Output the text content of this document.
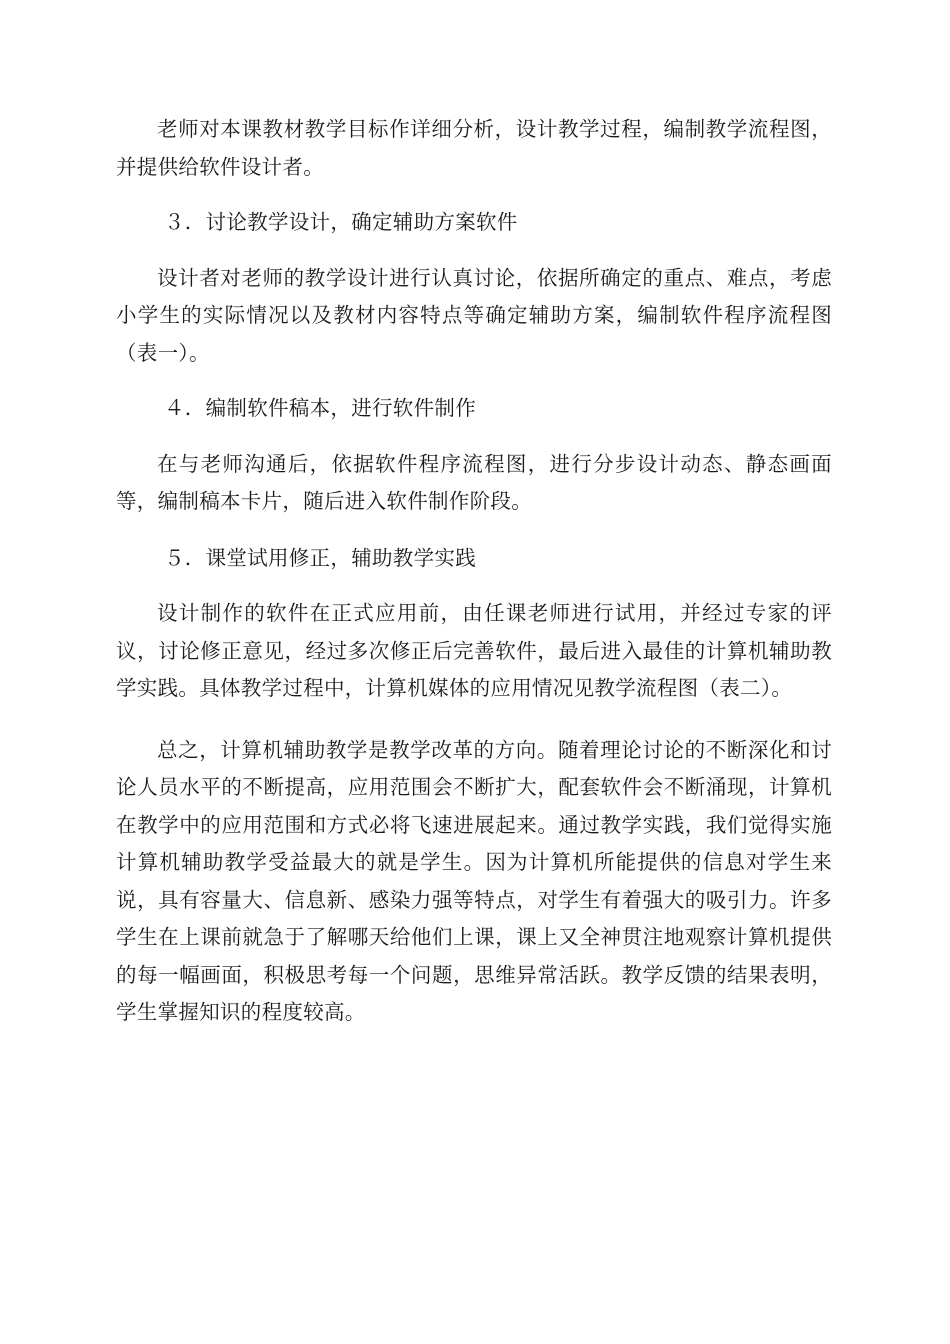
老师对本课教材教学目标作详细分析，设计教学过程，编制教学流程图，并提供给软件设计者。

３．讨论教学设计，确定辅助方案软件

设计者对老师的教学设计进行认真讨论，依据所确定的重点、难点，考虑小学生的实际情况以及教材内容特点等确定辅助方案，编制软件程序流程图（表一）。

４．编制软件稿本，进行软件制作

在与老师沟通后，依据软件程序流程图，进行分步设计动态、静态画面等，编制稿本卡片，随后进入软件制作阶段。

５．课堂试用修正，辅助教学实践

设计制作的软件在正式应用前，由任课老师进行试用，并经过专家的评议，讨论修正意见，经过多次修正后完善软件，最后进入最佳的计算机辅助教学实践。具体教学过程中，计算机媒体的应用情况见教学流程图（表二）。

总之，计算机辅助教学是教学改革的方向。随着理论讨论的不断深化和讨论人员水平的不断提高，应用范围会不断扩大，配套软件会不断涌现，计算机在教学中的应用范围和方式必将飞速进展起来。通过教学实践，我们觉得实施计算机辅助教学受益最大的就是学生。因为计算机所能提供的信息对学生来说，具有容量大、信息新、感染力强等特点，对学生有着强大的吸引力。许多学生在上课前就急于了解哪天给他们上课，课上又全神贯注地观察计算机提供的每一幅画面，积极思考每一个问题，思维异常活跃。教学反馈的结果表明，学生掌握知识的程度较高。
